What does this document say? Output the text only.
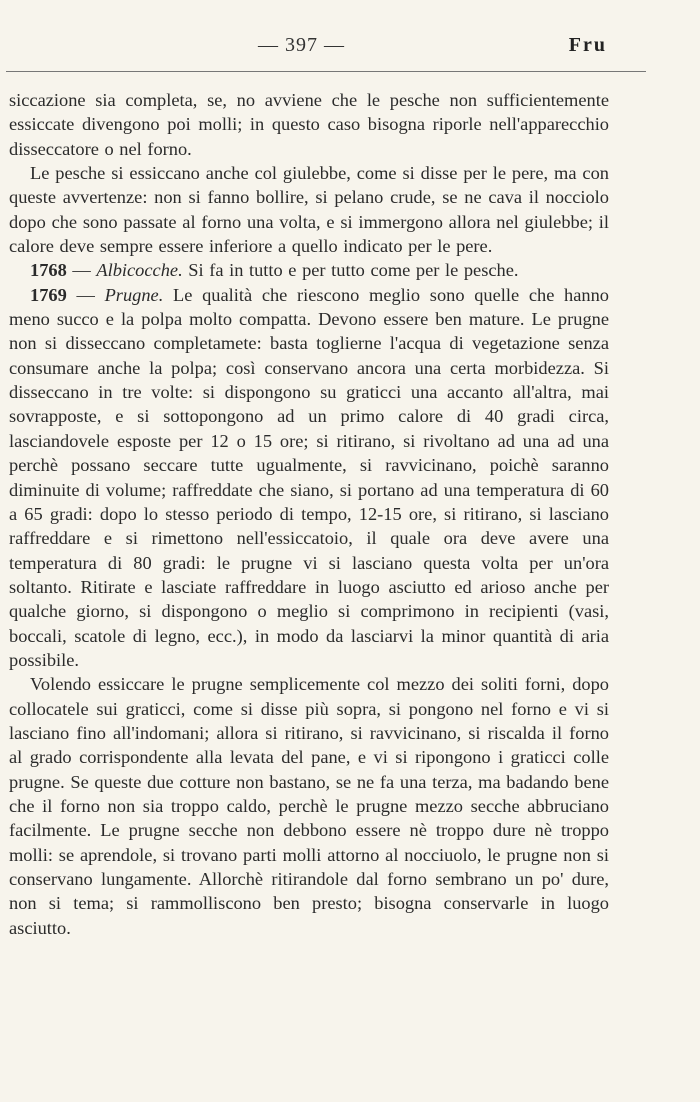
— 397 —	Fru

siccazione sia completa, se, no avviene che le pesche non sufficientemente essiccate divengono poi molli; in questo caso bisogna riporle nell'apparecchio disseccatore o nel forno.

Le pesche si essiccano anche col giulebbe, come si disse per le pere, ma con queste avvertenze: non si fanno bollire, si pelano crude, se ne cava il nocciolo dopo che sono passate al forno una volta, e si immergono allora nel giulebbe; il calore deve sempre essere inferiore a quello indicato per le pere.

1768 — Albicocche. Si fa in tutto e per tutto come per le pesche.

1769 — Prugne. Le qualità che riescono meglio sono quelle che hanno meno succo e la polpa molto compatta. Devono essere ben mature. Le prugne non si disseccano completamete: basta toglierne l'acqua di vegetazione senza consumare anche la polpa; così conservano ancora una certa morbidezza. Si disseccano in tre volte: si dispongono su graticci una accanto all'altra, mai sovrapposte, e si sottopongono ad un primo calore di 40 gradi circa, lasciandovele esposte per 12 o 15 ore; si ritirano, si rivoltano ad una ad una perchè possano seccare tutte ugualmente, si ravvicinano, poichè saranno diminuite di volume; raffreddate che siano, si portano ad una temperatura di 60 a 65 gradi: dopo lo stesso periodo di tempo, 12-15 ore, si ritirano, si lasciano raffreddare e si rimettono nell'essiccatoio, il quale ora deve avere una temperatura di 80 gradi: le prugne vi si lasciano questa volta per un'ora soltanto. Ritirate e lasciate raffreddare in luogo asciutto ed arioso anche per qualche giorno, si dispongono o meglio si comprimono in recipienti (vasi, boccali, scatole di legno, ecc.), in modo da lasciarvi la minor quantità di aria possibile.

Volendo essiccare le prugne semplicemente col mezzo dei soliti forni, dopo collocatele sui graticci, come si disse più sopra, si pongono nel forno e vi si lasciano fino all'indomani; allora si ritirano, si ravvicinano, si riscalda il forno al grado corrispondente alla levata del pane, e vi si ripongono i graticci colle prugne. Se queste due cotture non bastano, se ne fa una terza, ma badando bene che il forno non sia troppo caldo, perchè le prugne mezzo secche abbruciano facilmente. Le prugne secche non debbono essere nè troppo dure nè troppo molli: se aprendole, si trovano parti molli attorno al nocciuolo, le prugne non si conservano lungamente. Allorchè ritirandole dal forno sembrano un po' dure, non si tema; si rammolliscono ben presto; bisogna conservarle in luogo asciutto.
